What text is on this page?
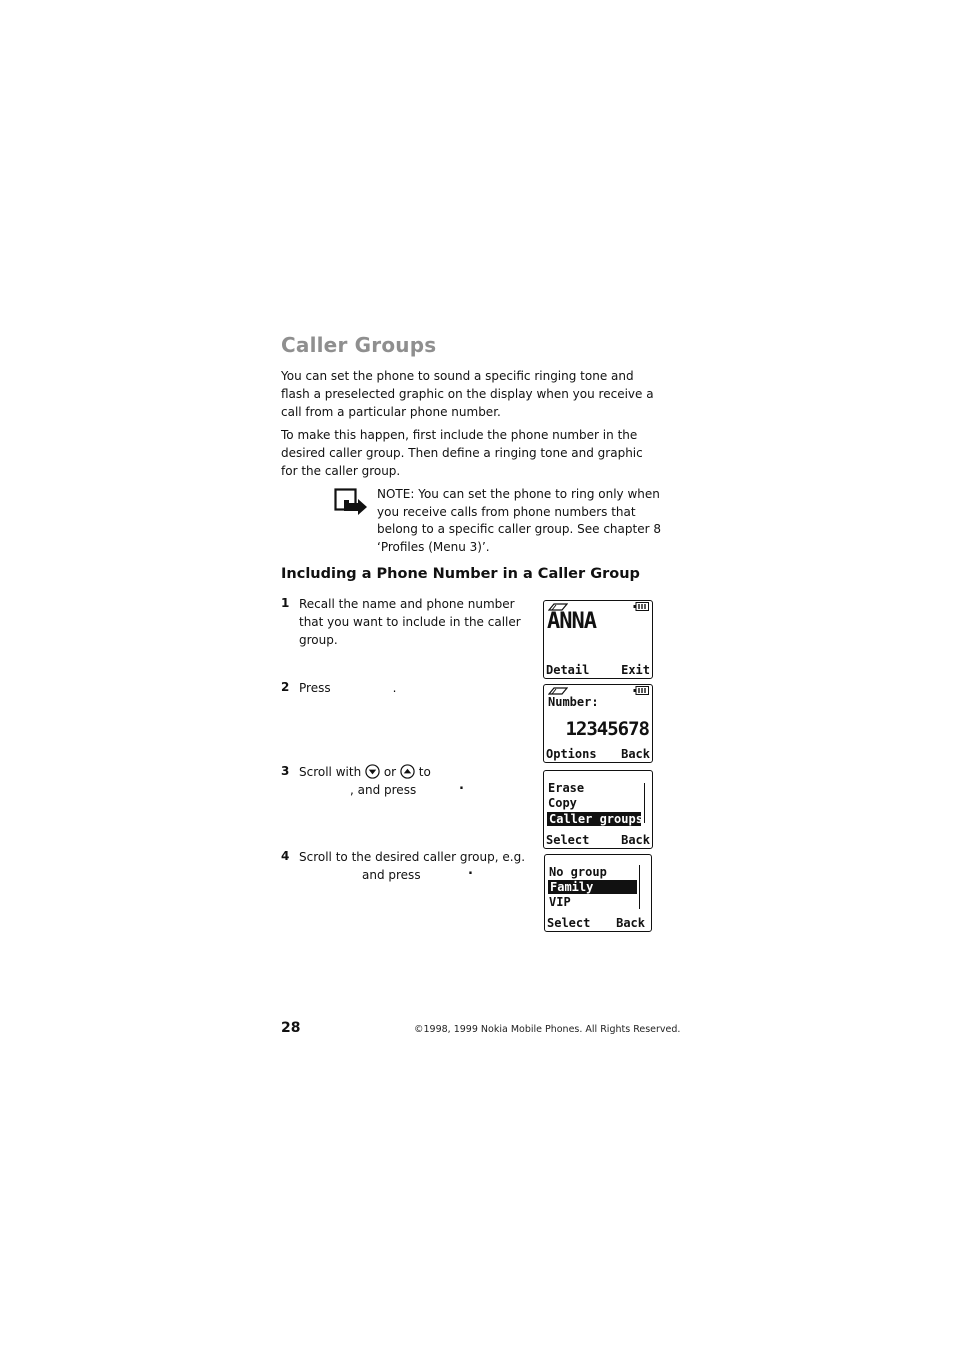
Caller Groups
You can set the phone to sound a specific ringing tone and flash a preselected graphic on the display when you receive a call from a particular phone number.
To make this happen, first include the phone number in the desired caller group. Then define a ringing tone and graphic for the caller group.
NOTE: You can set the phone to ring only when you receive calls from phone numbers that belong to a specific caller group. See chapter 8 ‘Profiles (Menu 3)’.
Including a Phone Number in a Caller Group
1 Recall the name and phone number that you want to include in the caller group.
2 Press	.
3 Scroll with or to
, and press	.
4 Scroll to the desired caller group, e.g.
and press	.
ANNA
Detail	Exit
Number:
12345678
Options Back
Erase
Copy
Caller groups
Select	Back
No group
Family
VIP
Select Back
28	©1998, 1999 Nokia Mobile Phones. All Rights Reserved.
